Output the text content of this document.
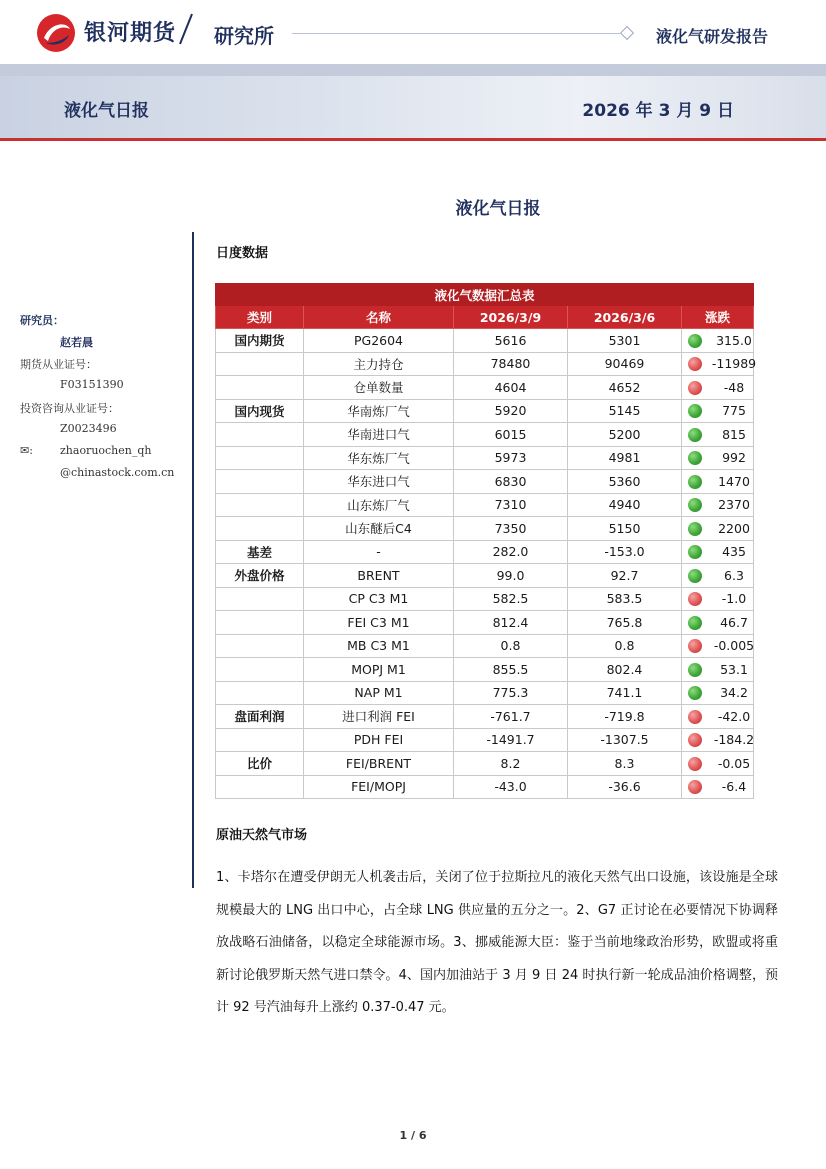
银河期货 研究所	液化气研发报告
液化气日报	2026 年 3 月 9 日
液化气日报
研究员：
赵若晨
期货从业证号：
F03151390
投资咨询从业证号：
Z0023496
✉: zhaoruochen_qh
@chinastock.com.cn
日度数据
液化气数据汇总表				
类别	名称	2026/3/9	2026/3/6	涨跌
国内期货	PG2604	5616	5301	315.0
	主力持仓	78480	90469	-11989
	仓单数量	4604	4652	-48
国内现货	华南炼厂气	5920	5145	775
	华南进口气	6015	5200	815
	华东炼厂气	5973	4981	992
	华东进口气	6830	5360	1470
	山东炼厂气	7310	4940	2370
	山东醚后C4	7350	5150	2200
基差	-	282.0	-153.0	435
外盘价格	BRENT	99.0	92.7	6.3
	CP C3 M1	582.5	583.5	-1.0
	FEI C3 M1	812.4	765.8	46.7
	MB C3 M1	0.8	0.8	-0.005
	MOPJ M1	855.5	802.4	53.1
	NAP M1	775.3	741.1	34.2
盘面利润	进口利润 FEI	-761.7	-719.8	-42.0
	PDH FEI	-1491.7	-1307.5	-184.2
比价	FEI/BRENT	8.2	8.3	-0.05
	FEI/MOPJ	-43.0	-36.6	-6.4
原油天然气市场
1、卡塔尔在遭受伊朗无人机袭击后，关闭了位于拉斯拉凡的液化天然气出口设施，该设施是全球规模最大的 LNG 出口中心，占全球 LNG 供应量的五分之一。2、G7 正讨论在必要情况下协调释放战略石油储备，以稳定全球能源市场。3、挪威能源大臣：鉴于当前地缘政治形势，欧盟或将重新讨论俄罗斯天然气进口禁令。4、国内加油站于 3 月 9 日 24 时执行新一轮成品油价格调整，预计 92 号汽油每升上涨约 0.37-0.47 元。
1 / 6
